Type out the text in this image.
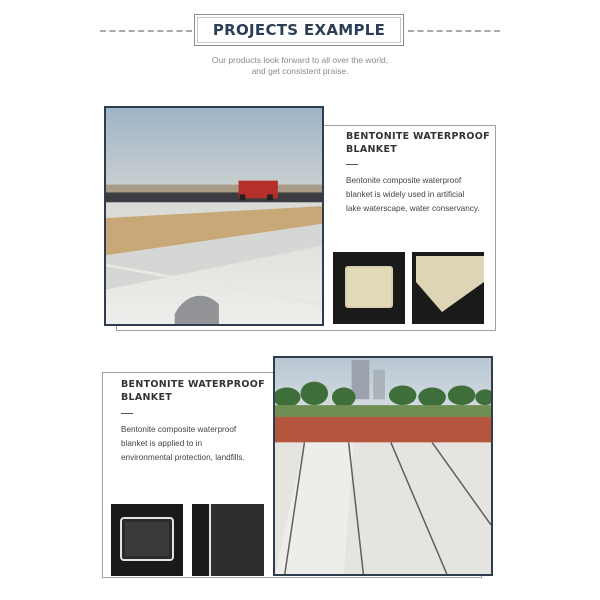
PROJECTS EXAMPLE
Our products look forward to all over the world,
and get consistent praise.
BENTONITE WATERPROOF
BLANKET
Bentonite composite waterproof
blanket is widely used in artificial
lake waterscape, water conservancy.
BENTONITE WATERPROOF
BLANKET
Bentonite composite waterproof
blanket is applied to in
environmental protection, landfills.
